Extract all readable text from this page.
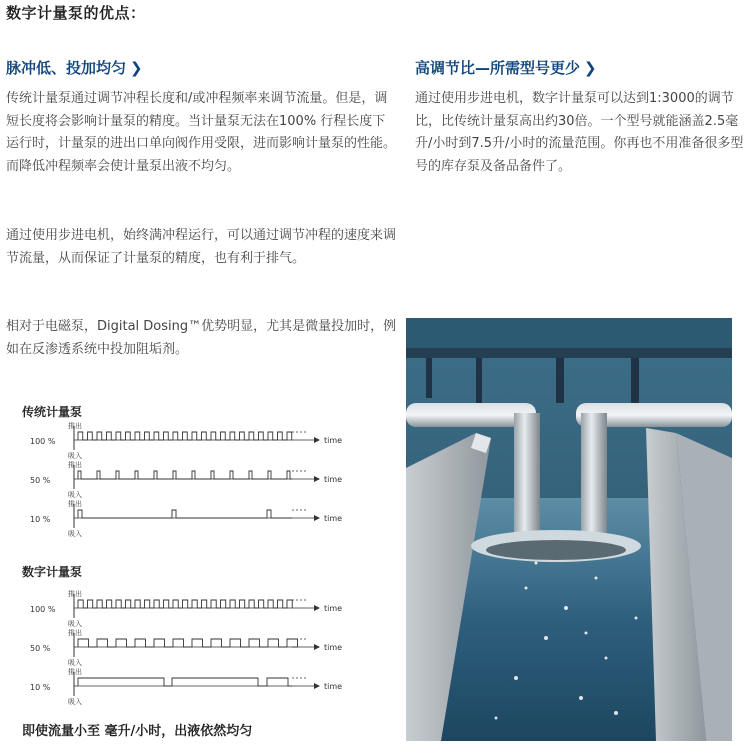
数字计量泵的优点：
脉冲低、投加均匀 ❯	高调节比—所需型号更少 ❯
传统计量泵通过调节冲程长度和/或冲程频率来调节流量。但是，调短长度将会影响计量泵的精度。当计量泵无法在100% 行程长度下运行时，计量泵的进出口单向阀作用受限，进而影响计量泵的性能。而降低冲程频率会使计量泵出液不均匀。
通过使用步进电机，始终满冲程运行，可以通过调节冲程的速度来调节流量，从而保证了计量泵的精度，也有利于排气。
相对于电磁泵，Digital Dosing™优势明显，尤其是微量投加时，例如在反渗透系统中投加阻垢剂。
通过使用步进电机，数字计量泵可以达到1:3000的调节比，比传统计量泵高出约30倍。一个型号就能涵盖2.5毫升/小时到7.5升/小时的流量范围。你再也不用准备很多型号的库存泵及备品备件了。
传统计量泵
数字计量泵
100 %
排出
吸入
time
50 %
排出
吸入
time
10 %
排出
吸入
time
100 %
排出
吸入
time
50 %
排出
吸入
time
10 %
排出
吸入
time
即使流量小至 毫升/小时，出液依然均匀
